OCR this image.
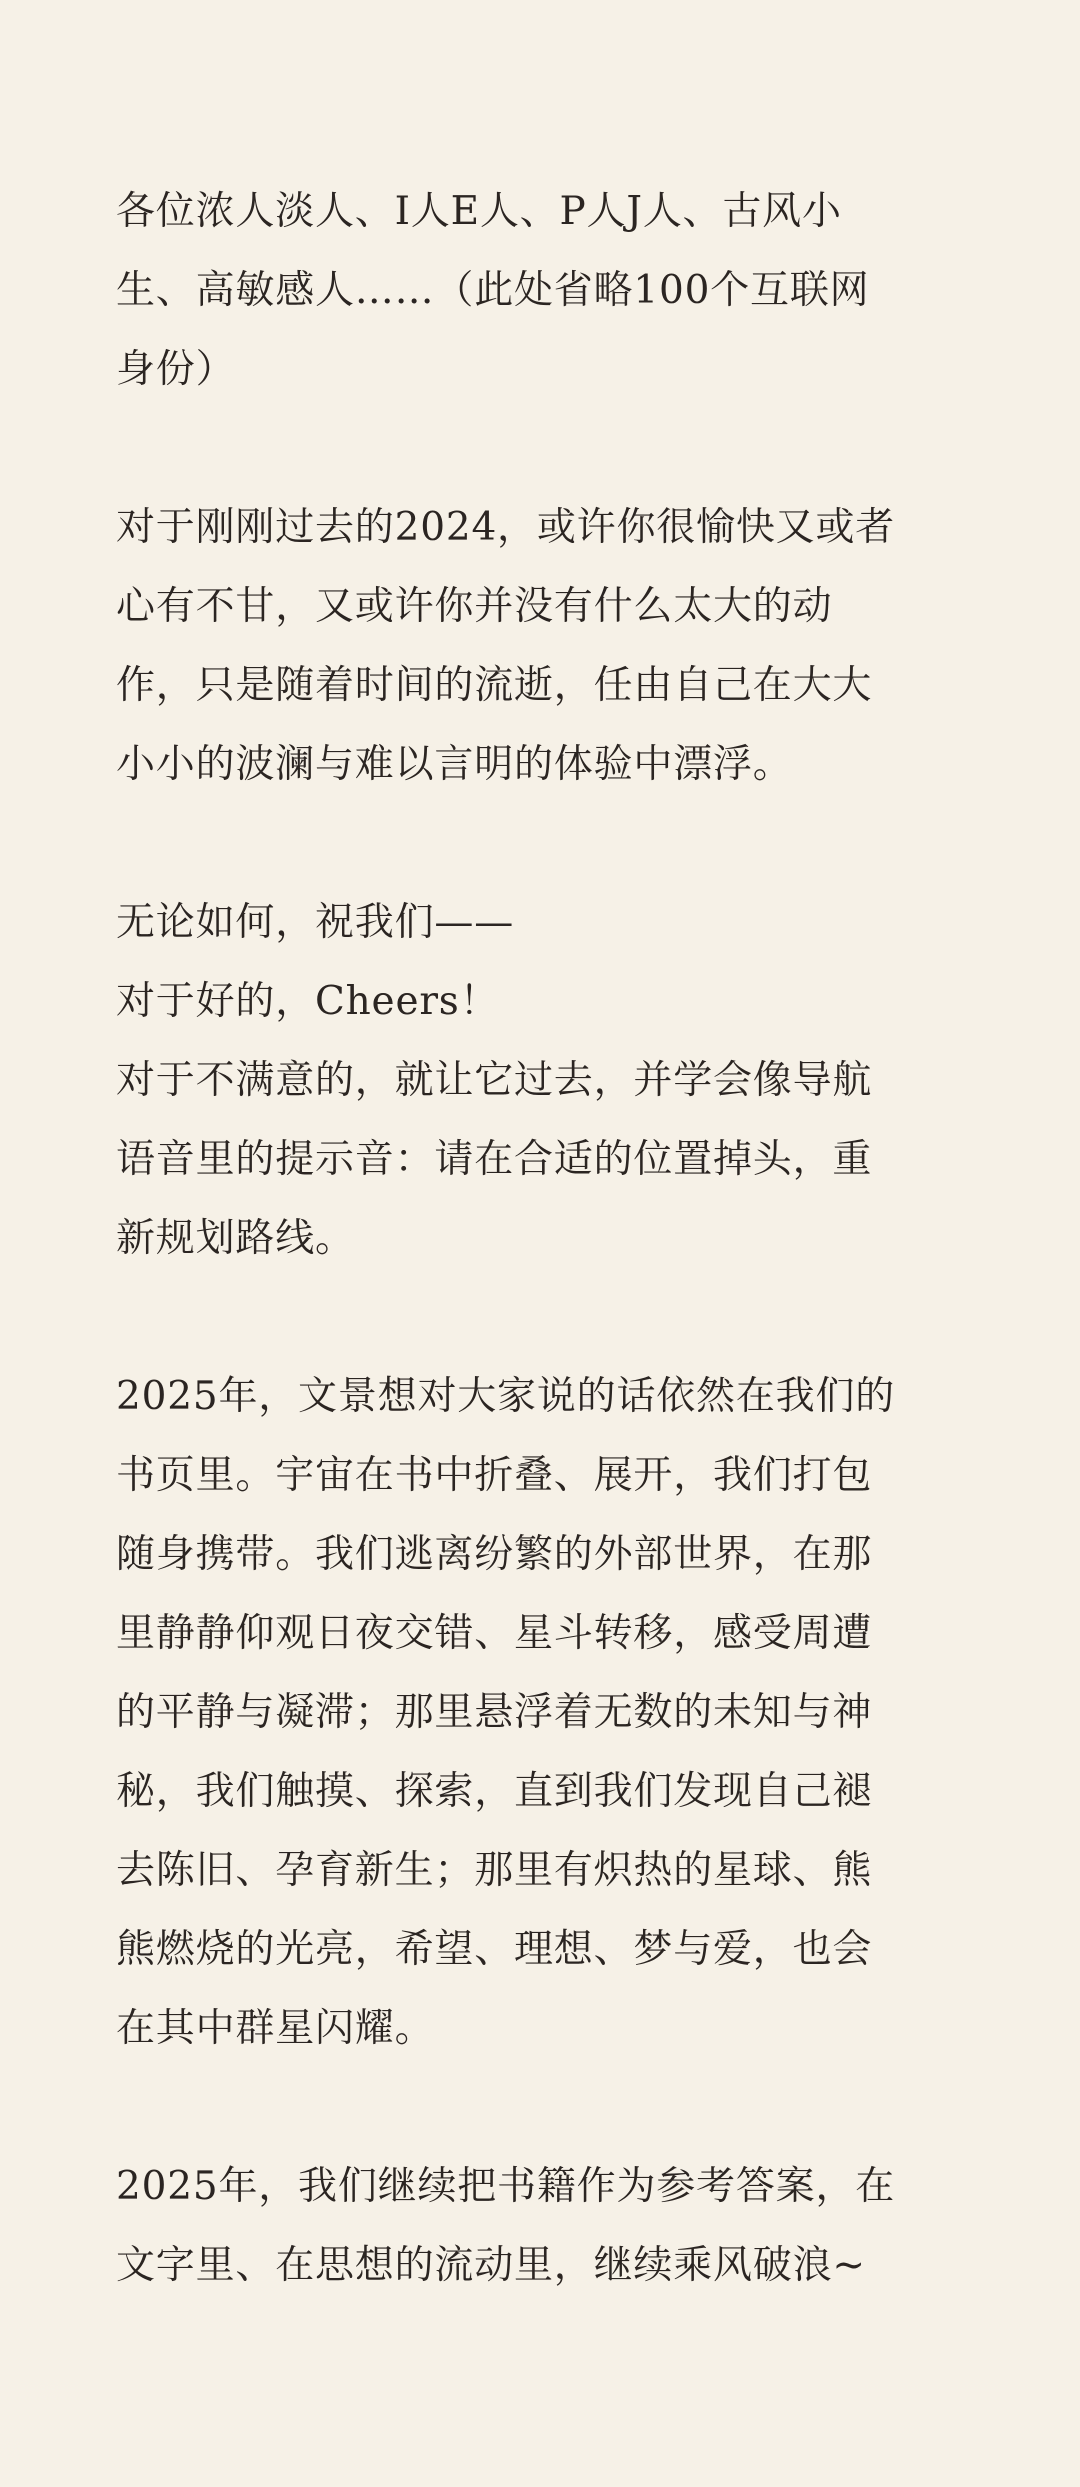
各位浓人淡人、I人E人、P人J人、古风小
生、高敏感人……（此处省略100个互联网
身份）

对于刚刚过去的2024，或许你很愉快又或者
心有不甘，又或许你并没有什么太大的动
作，只是随着时间的流逝，任由自己在大大
小小的波澜与难以言明的体验中漂浮。

无论如何，祝我们——
对于好的，Cheers！
对于不满意的，就让它过去，并学会像导航
语音里的提示音：请在合适的位置掉头，重
新规划路线。

2025年，文景想对大家说的话依然在我们的
书页里。宇宙在书中折叠、展开，我们打包
随身携带。我们逃离纷繁的外部世界，在那
里静静仰观日夜交错、星斗转移，感受周遭
的平静与凝滞；那里悬浮着无数的未知与神
秘，我们触摸、探索，直到我们发现自己褪
去陈旧、孕育新生；那里有炽热的星球、熊
熊燃烧的光亮，希望、理想、梦与爱，也会
在其中群星闪耀。

2025年，我们继续把书籍作为参考答案，在
文字里、在思想的流动里，继续乘风破浪~
